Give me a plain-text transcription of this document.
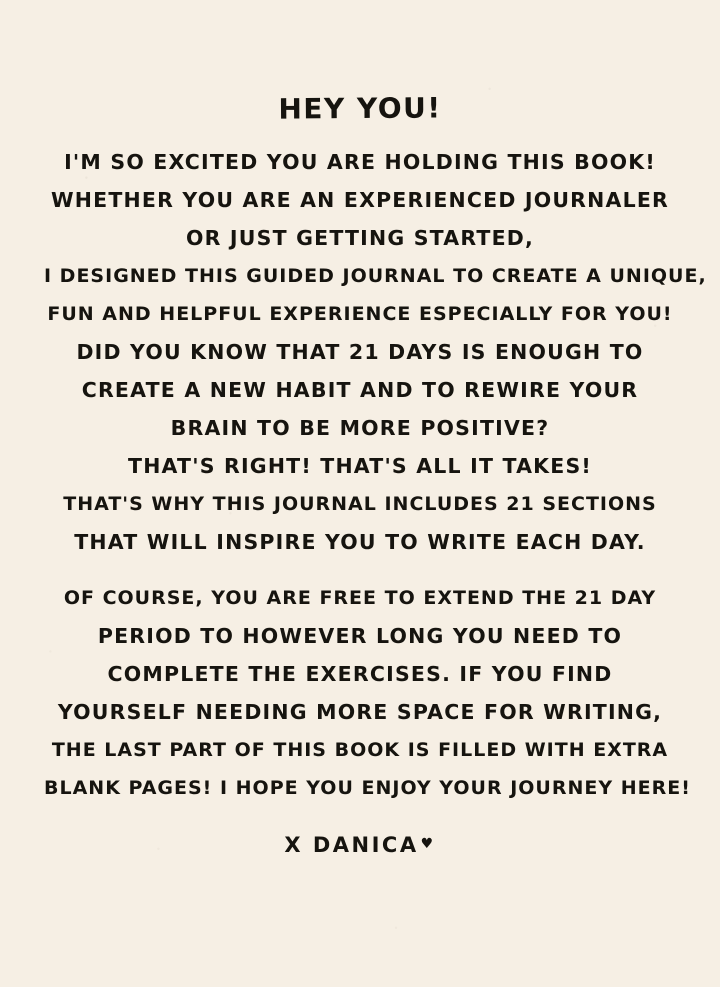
HEY YOU!
I'M SO EXCITED YOU ARE HOLDING THIS BOOK!
WHETHER YOU ARE AN EXPERIENCED JOURNALER
OR JUST GETTING STARTED,
I DESIGNED THIS GUIDED JOURNAL TO CREATE A UNIQUE,
FUN AND HELPFUL EXPERIENCE ESPECIALLY FOR YOU!
DID YOU KNOW THAT 21 DAYS IS ENOUGH TO
CREATE A NEW HABIT AND TO REWIRE YOUR
BRAIN TO BE MORE POSITIVE?
THAT'S RIGHT! THAT'S ALL IT TAKES!
THAT'S WHY THIS JOURNAL INCLUDES 21 SECTIONS
THAT WILL INSPIRE YOU TO WRITE EACH DAY.
OF COURSE, YOU ARE FREE TO EXTEND THE 21 DAY
PERIOD TO HOWEVER LONG YOU NEED TO
COMPLETE THE EXERCISES. IF YOU FIND
YOURSELF NEEDING MORE SPACE FOR WRITING,
THE LAST PART OF THIS BOOK IS FILLED WITH EXTRA
BLANK PAGES! I HOPE YOU ENJOY YOUR JOURNEY HERE!
X DANICA ♥
